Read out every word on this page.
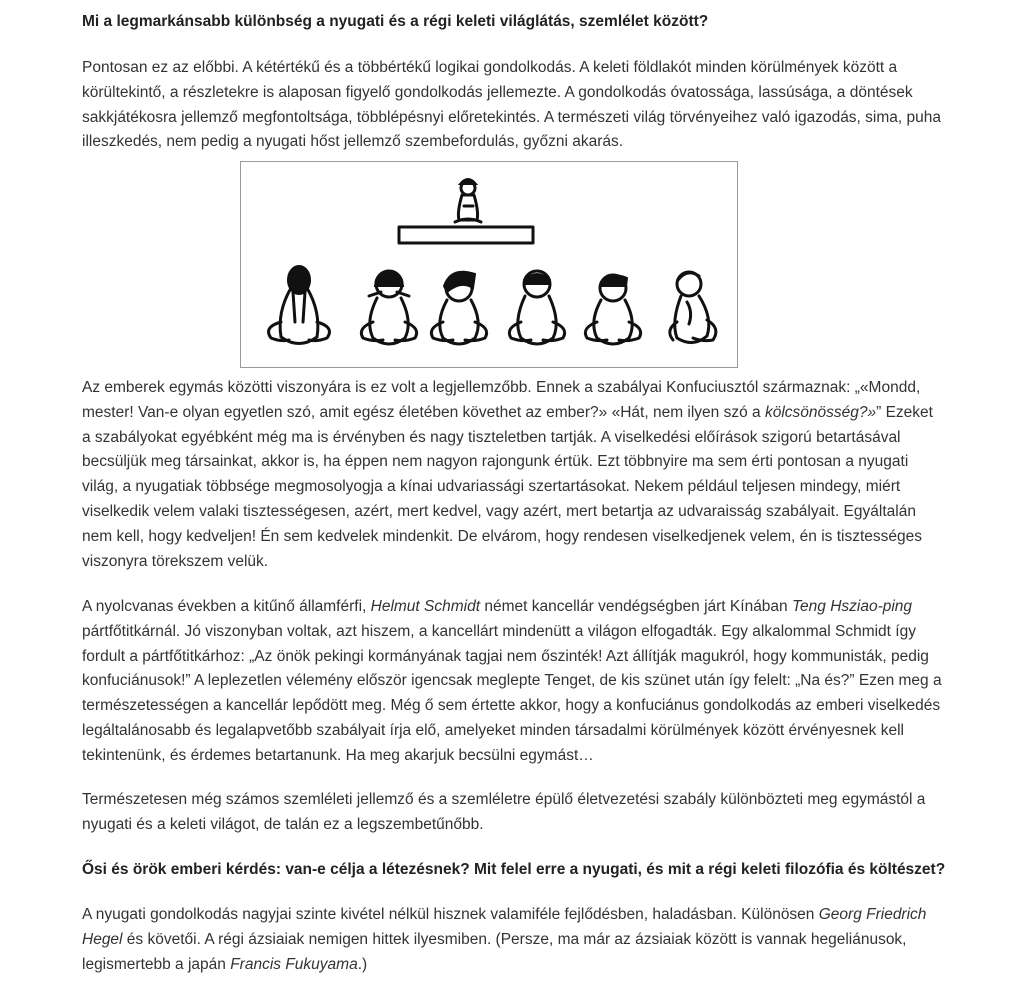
Mi a legmarkánsabb különbség a nyugati és a régi keleti világlátás, szemlélet között?

Pontosan ez az előbbi. A kétértékű és a többértékű logikai gondolkodás. A keleti földlakót minden körülmények között a körültekintő, a részletekre is alaposan figyelő gondolkodás jellemezte. A gondolkodás óvatossága, lassúsága, a döntések sakkjátékosra jellemző megfontoltsága, többlépésnyi előretekintés. A természeti világ törvényeihez való igazodás, sima, puha illeszkedés, nem pedig a nyugati hőst jellemző szembefordulás, győzni akarás.

Az emberek egymás közötti viszonyára is ez volt a legjellemzőbb. Ennek a szabályai Konfuciusztól származnak: „«Mondd, mester! Van-e olyan egyetlen szó, amit egész életében követhet az ember?» «Hát, nem ilyen szó a kölcsönösség?»” Ezeket a szabályokat egyébként még ma is érvényben és nagy tiszteletben tartják. A viselkedési előírások szigorú betartásával becsüljük meg társainkat, akkor is, ha éppen nem nagyon rajongunk értük. Ezt többnyire ma sem érti pontosan a nyugati világ, a nyugatiak többsége megmosolyogja a kínai udvariassági szertartásokat. Nekem például teljesen mindegy, miért viselkedik velem valaki tisztességesen, azért, mert kedvel, vagy azért, mert betartja az udvaraisság szabályait. Egyáltalán nem kell, hogy kedveljen! Én sem kedvelek mindenkit. De elvárom, hogy rendesen viselkedjenek velem, én is tisztességes viszonyra törekszem velük.

A nyolcvanas években a kitűnő államférfi, Helmut Schmidt német kancellár vendégségben járt Kínában Teng Hsziao-ping pártfőtitkárnál. Jó viszonyban voltak, azt hiszem, a kancellárt mindenütt a világon elfogadták. Egy alkalommal Schmidt így fordult a pártfőtitkárhoz: „Az önök pekingi kormányának tagjai nem őszinték! Azt állítják magukról, hogy kommunisták, pedig konfuciánusok!” A leplezetlen vélemény először igencsak meglepte Tenget, de kis szünet után így felelt: „Na és?” Ezen meg a természetességen a kancellár lepődött meg. Még ő sem értette akkor, hogy a konfuciánus gondolkodás az emberi viselkedés legáltalánosabb és legalapvetőbb szabályait írja elő, amelyeket minden társadalmi körülmények között érvényesnek kell tekintenünk, és érdemes betartanunk. Ha meg akarjuk becsülni egymást…

Természetesen még számos szemléleti jellemző és a szemléletre épülő életvezetési szabály különbözteti meg egymástól a nyugati és a keleti világot, de talán ez a legszembetűnőbb.

Ősi és örök emberi kérdés: van-e célja a létezésnek? Mit felel erre a nyugati, és mit a régi keleti filozófia és költészet?

A nyugati gondolkodás nagyjai szinte kivétel nélkül hisznek valamiféle fejlődésben, haladásban. Különösen Georg Friedrich Hegel és követői. A régi ázsiaiak nemigen hittek ilyesmiben. (Persze, ma már az ázsiaiak között is vannak hegeliánusok, legismertebb a japán Francis Fukuyama.)
